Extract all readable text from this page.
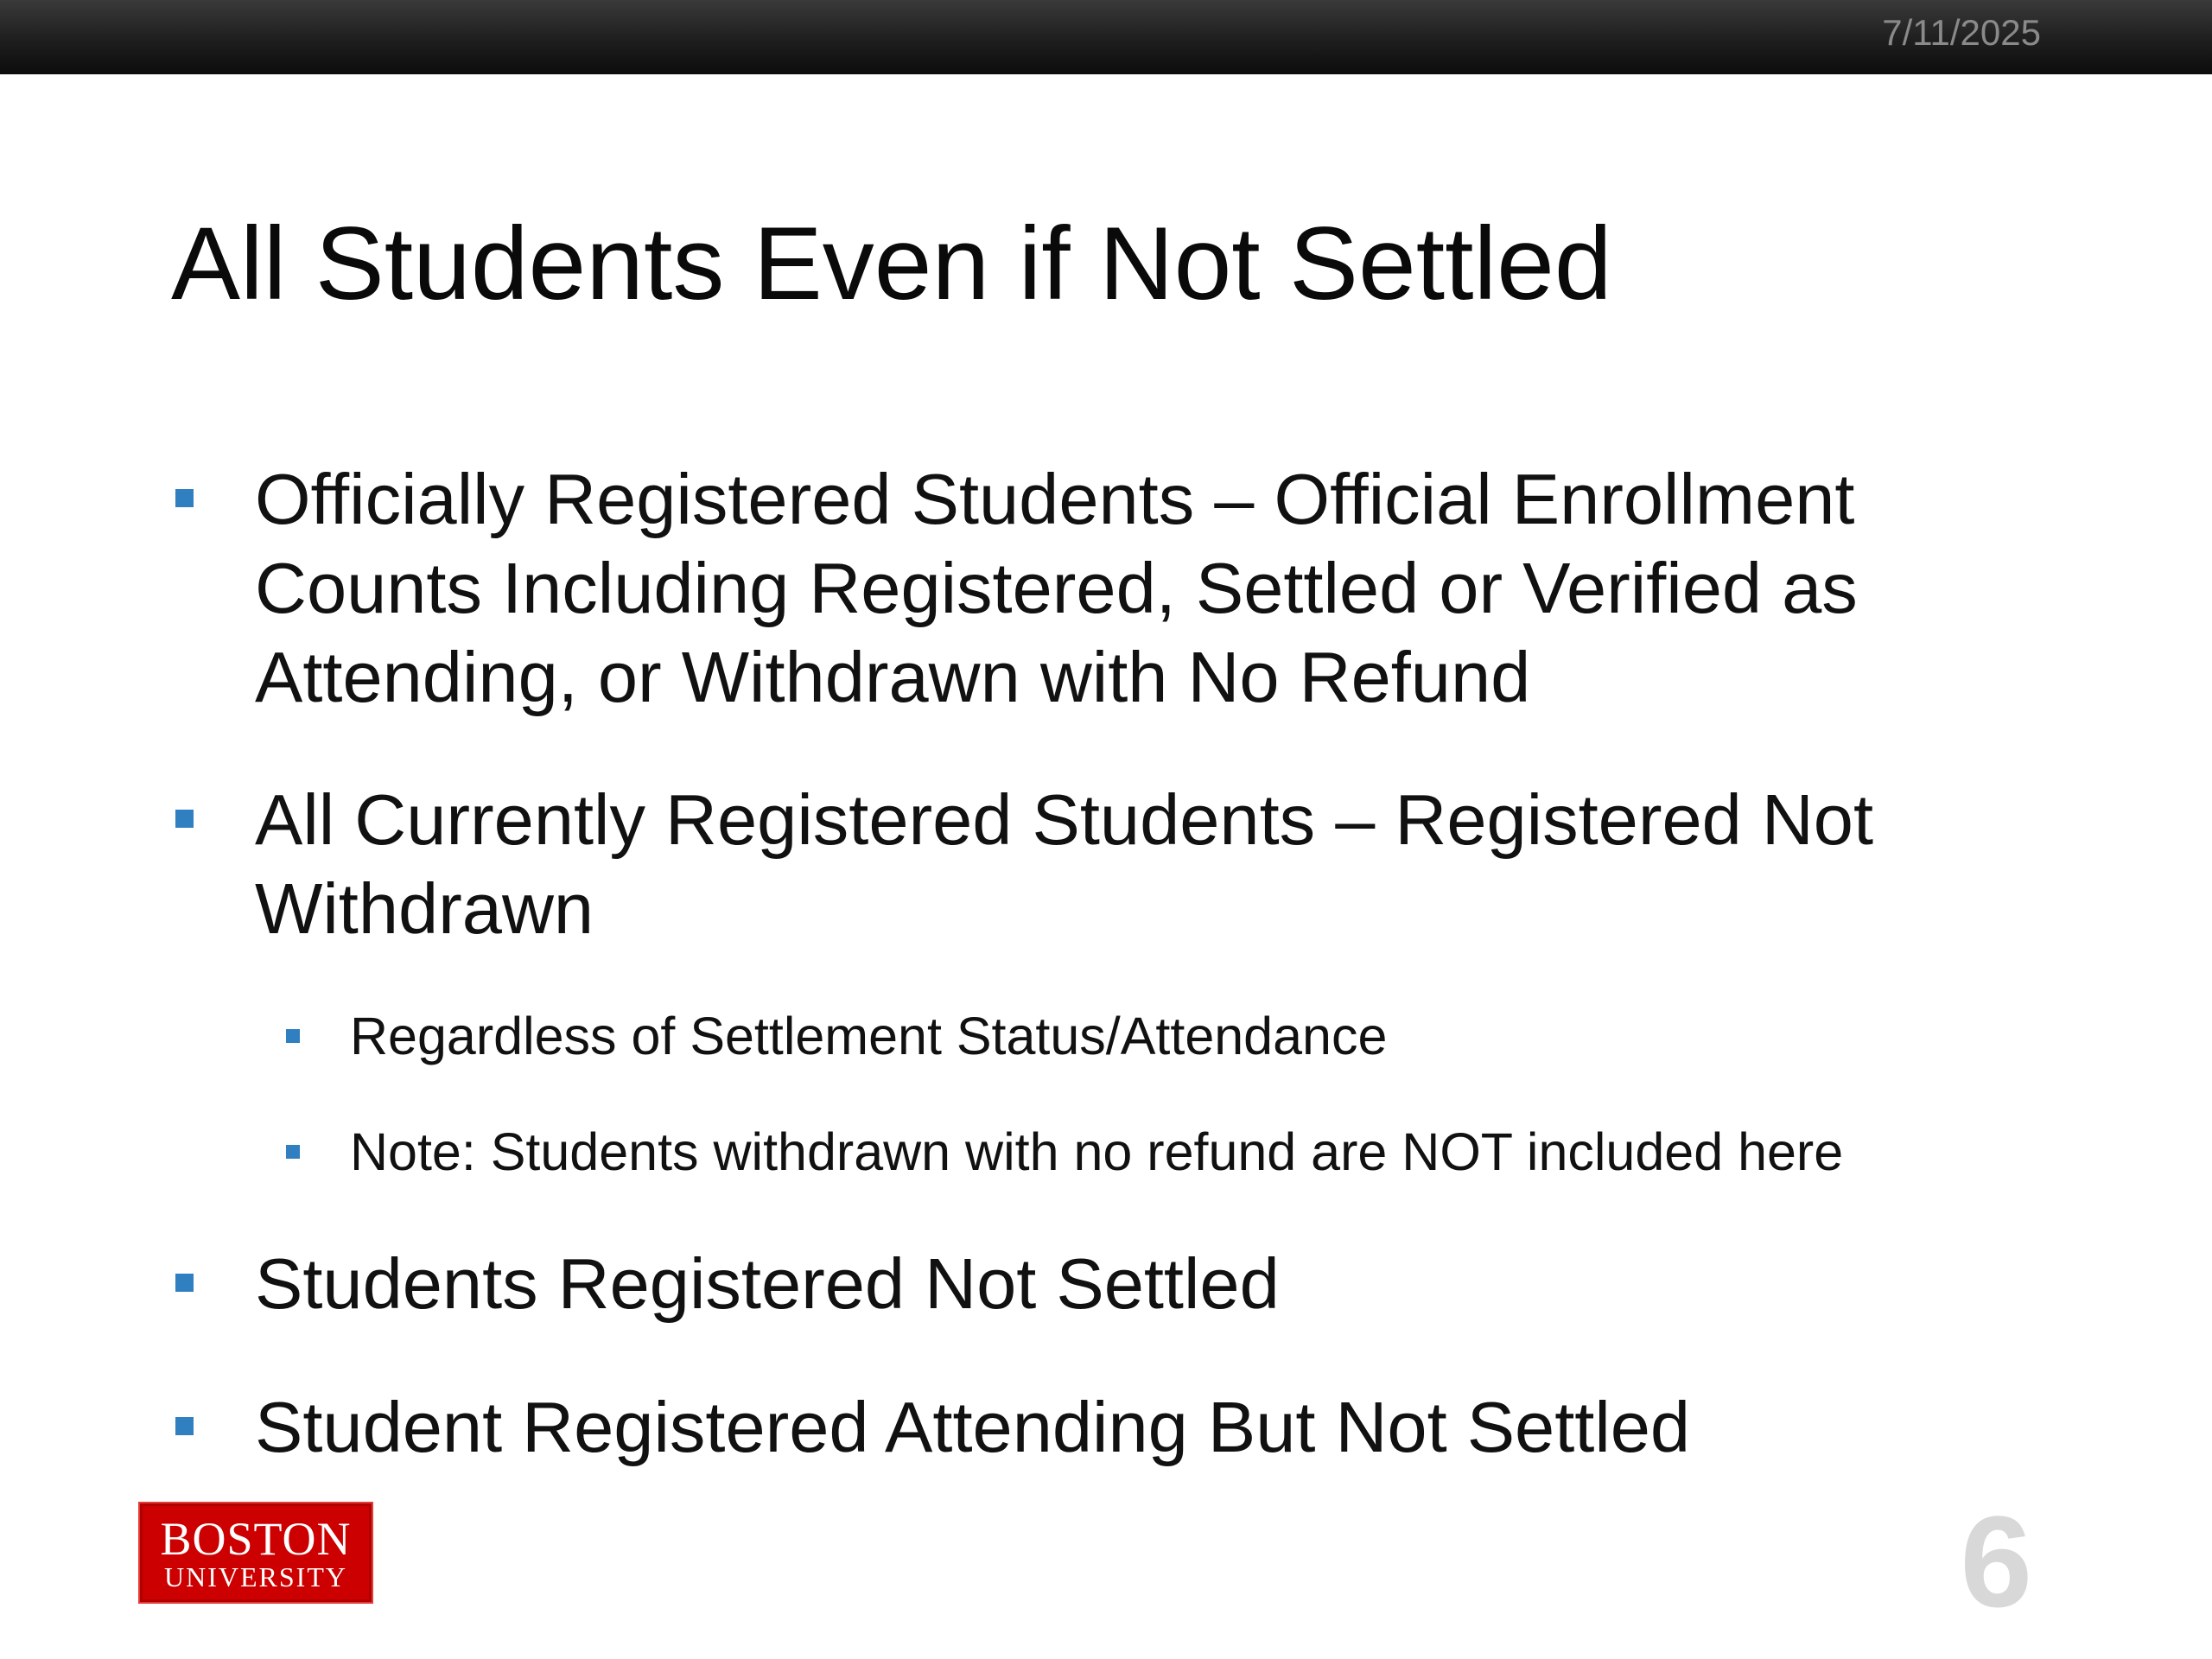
7/11/2025
All Students Even if Not Settled
Officially Registered Students – Official Enrollment
Counts Including Registered, Settled or Verified as
Attending, or Withdrawn with No Refund
All Currently Registered Students – Registered Not
Withdrawn
Regardless of Settlement Status/Attendance
Note: Students withdrawn with no refund are NOT included here
Students Registered Not Settled
Student Registered Attending But Not Settled
BOSTON
UNIVERSITY	6
